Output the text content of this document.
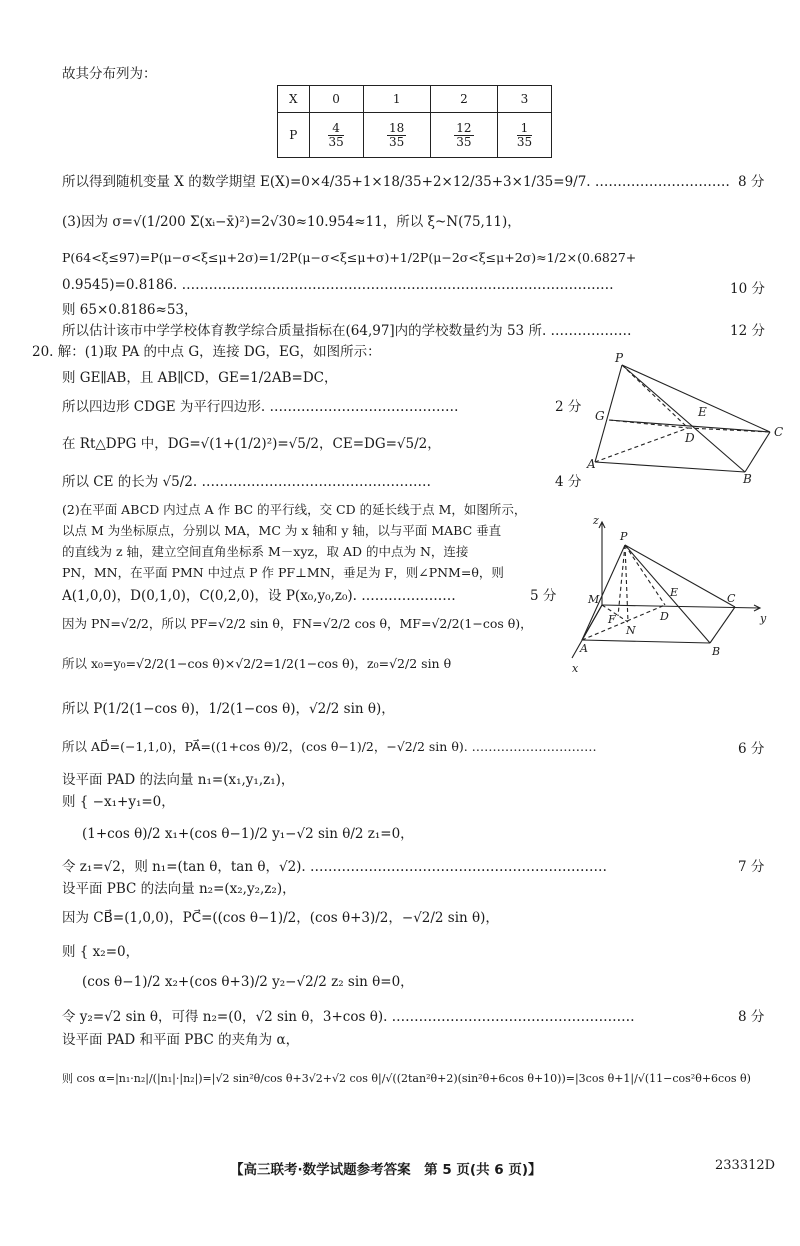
故其分布列为：
X	0	1	2	3
P	$\frac{4}{35}$	$\frac{18}{35}$	$\frac{12}{35}$	$\frac{1}{35}$
所以得到随机变量 X 的数学期望 E(X)=0×4/35+1×18/35+2×12/35+3×1/35=9/7. ………………………… 8 分
(3)因为 σ=√(1/200 Σ(xᵢ−x̄)²)=2√30≈10.954≈11，所以 ξ~N(75,11)，
P(64<ξ≤97)=P(μ−σ<ξ≤μ+2σ)=1/2P(μ−σ<ξ≤μ+σ)+1/2P(μ−2σ<ξ≤μ+2σ)≈1/2×(0.6827+
0.9545)=0.8186. ……………………………………………………………………………………	10 分
则 65×0.8186≈53，
所以估计该市中学学校体育教学综合质量指标在(64,97]内的学校数量约为 53 所. ………………	12 分
20. 解：(1)取 PA 的中点 G，连接 DG，EG，如图所示：
则 GE∥AB，且 AB∥CD，GE=1/2AB=DC，
所以四边形 CDGE 为平行四边形. ……………………………………	2 分
在 Rt△DPG 中，DG=√(1+(1/2)²)=√5/2，CE=DG=√5/2，
所以 CE 的长为 √5/2. ……………………………………………	4 分
(2)在平面 ABCD 内过点 A 作 BC 的平行线，交 CD 的延长线于点 M，如图所示，
以点 M 为坐标原点，分别以 MA，MC 为 x 轴和 y 轴，以与平面 MABC 垂直
的直线为 z 轴，建立空间直角坐标系 M－xyz，取 AD 的中点为 N，连接
PN，MN，在平面 PMN 中过点 P 作 PF⊥MN，垂足为 F，则∠PNM=θ，则
A(1,0,0)，D(0,1,0)，C(0,2,0)，设 P(x₀,y₀,z₀). …………………	5 分
因为 PN=√2/2，所以 PF=√2/2 sin θ，FN=√2/2 cos θ，MF=√2/2(1−cos θ)，
所以 x₀=y₀=√2/2(1−cos θ)×√2/2=1/2(1−cos θ)，z₀=√2/2 sin θ
所以 P(1/2(1−cos θ)，1/2(1−cos θ)，√2/2 sin θ)，
所以 AD⃗=(−1,1,0)，PA⃗=((1+cos θ)/2，(cos θ−1)/2，−√2/2 sin θ). …………………………	6 分
设平面 PAD 的法向量 n₁=(x₁,y₁,z₁)，
则 { −x₁+y₁=0，
(1+cos θ)/2 x₁+(cos θ−1)/2 y₁−√2 sin θ/2 z₁=0，
令 z₁=√2，则 n₁=(tan θ，tan θ，√2). …………………………………………………………	7 分
设平面 PBC 的法向量 n₂=(x₂,y₂,z₂)，
因为 CB⃗=(1,0,0)，PC⃗=((cos θ−1)/2，(cos θ+3)/2，−√2/2 sin θ)，
则 { x₂=0，
(cos θ−1)/2 x₂+(cos θ+3)/2 y₂−√2/2 z₂ sin θ=0，
令 y₂=√2 sin θ，可得 n₂=(0，√2 sin θ，3+cos θ). ………………………………………………	8 分
设平面 PAD 和平面 PBC 的夹角为 α，
则 cos α=|n₁·n₂|/(|n₁|·|n₂|)=|√2 sin²θ/cos θ+3√2+√2 cos θ|/√((2tan²θ+2)(sin²θ+6cos θ+10))=|3cos θ+1|/√(11−cos²θ+6cos θ)
P
G	E
D	C
A
B
z
P
M
F
N
E
D
C
y
A	B
x
【高三联考·数学试题参考答案　第 5 页(共 6 页)】	233312D
